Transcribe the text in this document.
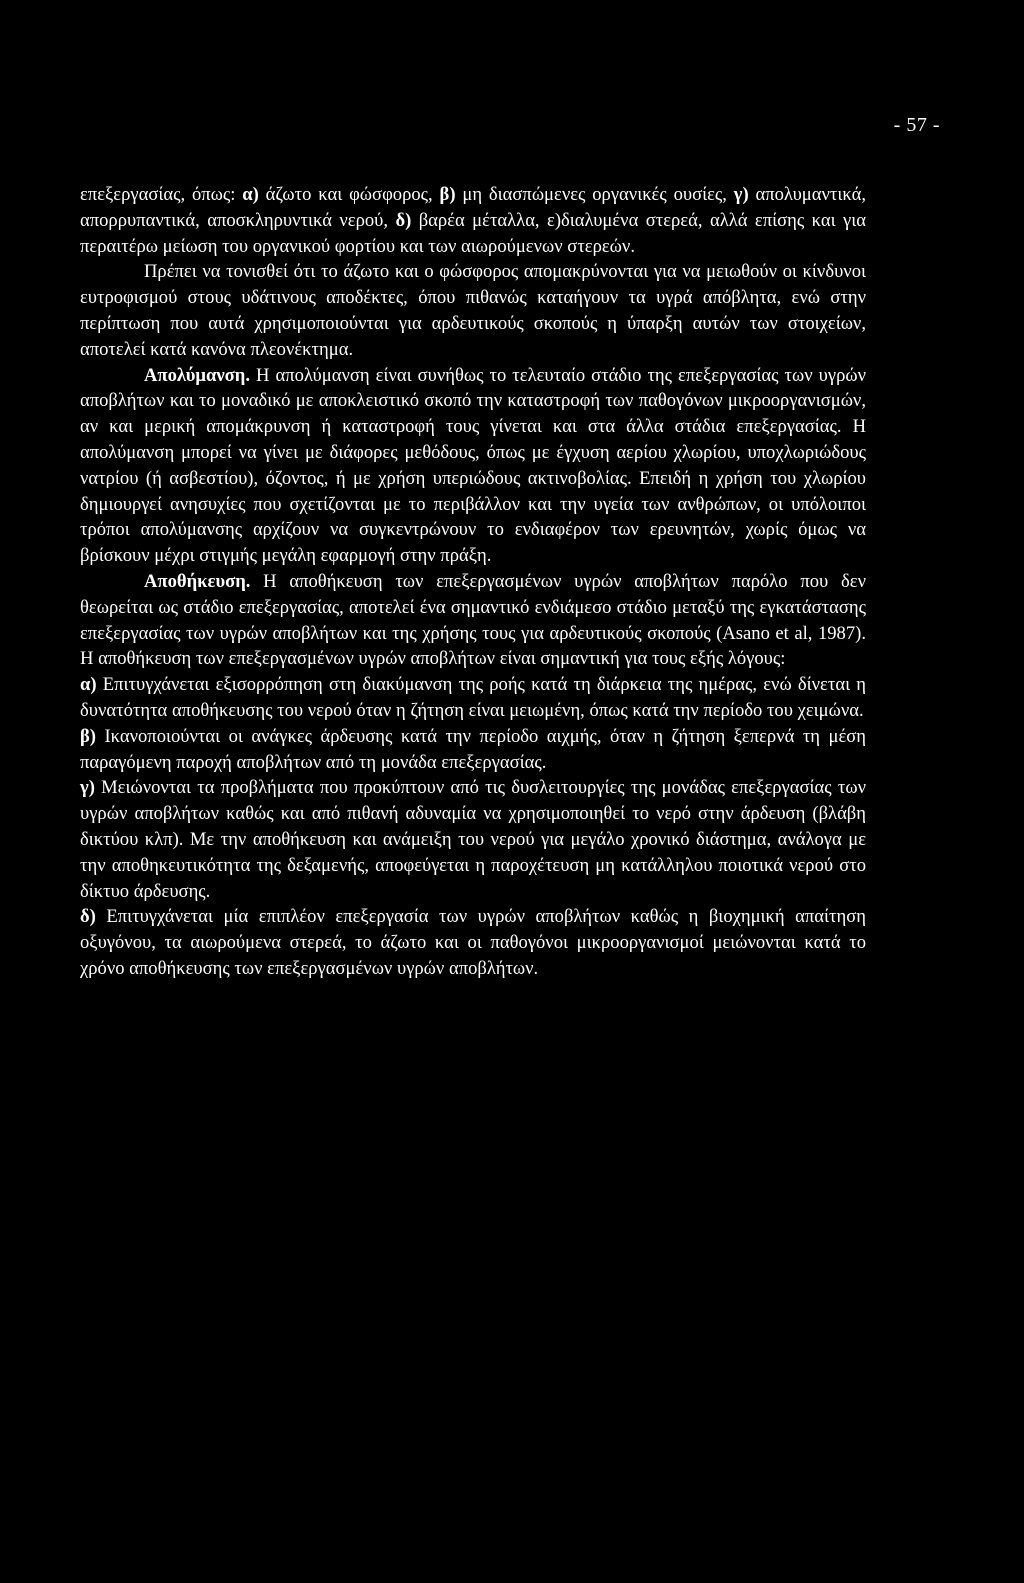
- 57 -

επεξεργασίας, όπως: α) άζωτο και φώσφορος, β) μη διασπώμενες οργανικές ουσίες, γ) απολυμαντικά, απορρυπαντικά, αποσκληρυντικά νερού, δ) βαρέα μέταλλα, ε)διαλυμένα στερεά, αλλά επίσης και για περαιτέρω μείωση του οργανικού φορτίου και των αιωρούμενων στερεών.

Πρέπει να τονισθεί ότι το άζωτο και ο φώσφορος απομακρύνονται για να μειωθούν οι κίνδυνοι ευτροφισμού στους υδάτινους αποδέκτες, όπου πιθανώς καταήγουν τα υγρά απόβλητα, ενώ στην περίπτωση που αυτά χρησιμοποιούνται για αρδευτικούς σκοπούς η ύπαρξη αυτών των στοιχείων, αποτελεί κατά κανόνα πλεονέκτημα.

Απολύμανση. Η απολύμανση είναι συνήθως το τελευταίο στάδιο της επεξεργασίας των υγρών αποβλήτων και το μοναδικό με αποκλειστικό σκοπό την καταστροφή των παθογόνων μικροοργανισμών, αν και μερική απομάκρυνση ή καταστροφή τους γίνεται και στα άλλα στάδια επεξεργασίας. Η απολύμανση μπορεί να γίνει με διάφορες μεθόδους, όπως με έγχυση αερίου χλωρίου, υποχλωριώδους νατρίου (ή ασβεστίου), όζοντος, ή με χρήση υπεριώδους ακτινοβολίας. Επειδή η χρήση του χλωρίου δημιουργεί ανησυχίες που σχετίζονται με το περιβάλλον και την υγεία των ανθρώπων, οι υπόλοιποι τρόποι απολύμανσης αρχίζουν να συγκεντρώνουν το ενδιαφέρον των ερευνητών, χωρίς όμως να βρίσκουν μέχρι στιγμής μεγάλη εφαρμογή στην πράξη.

Αποθήκευση. Η αποθήκευση των επεξεργασμένων υγρών αποβλήτων παρόλο που δεν θεωρείται ως στάδιο επεξεργασίας, αποτελεί ένα σημαντικό ενδιάμεσο στάδιο μεταξύ της εγκατάστασης επεξεργασίας των υγρών αποβλήτων και της χρήσης τους για αρδευτικούς σκοπούς (Asano et al, 1987). Η αποθήκευση των επεξεργασμένων υγρών αποβλήτων είναι σημαντική για τους εξής λόγους:

α) Επιτυγχάνεται εξισορρόπηση στη διακύμανση της ροής κατά τη διάρκεια της ημέρας, ενώ δίνεται η δυνατότητα αποθήκευσης του νερού όταν η ζήτηση είναι μειωμένη, όπως κατά την περίοδο του χειμώνα.

β) Ικανοποιούνται οι ανάγκες άρδευσης κατά την περίοδο αιχμής, όταν η ζήτηση ξεπερνά τη μέση παραγόμενη παροχή αποβλήτων από τη μονάδα επεξεργασίας.

γ) Μειώνονται τα προβλήματα που προκύπτουν από τις δυσλειτουργίες της μονάδας επεξεργασίας των υγρών αποβλήτων καθώς και από πιθανή αδυναμία να χρησιμοποιηθεί το νερό στην άρδευση (βλάβη δικτύου κλπ). Με την αποθήκευση και ανάμειξη του νερού για μεγάλο χρονικό διάστημα, ανάλογα με την αποθηκευτικότητα της δεξαμενής, αποφεύγεται η παροχέτευση μη κατάλληλου ποιοτικά νερού στο δίκτυο άρδευσης.

δ) Επιτυγχάνεται μία επιπλέον επεξεργασία των υγρών αποβλήτων καθώς η βιοχημική απαίτηση οξυγόνου, τα αιωρούμενα στερεά, το άζωτο και οι παθογόνοι μικροοργανισμοί μειώνονται κατά το χρόνο αποθήκευσης των επεξεργασμένων υγρών αποβλήτων.
